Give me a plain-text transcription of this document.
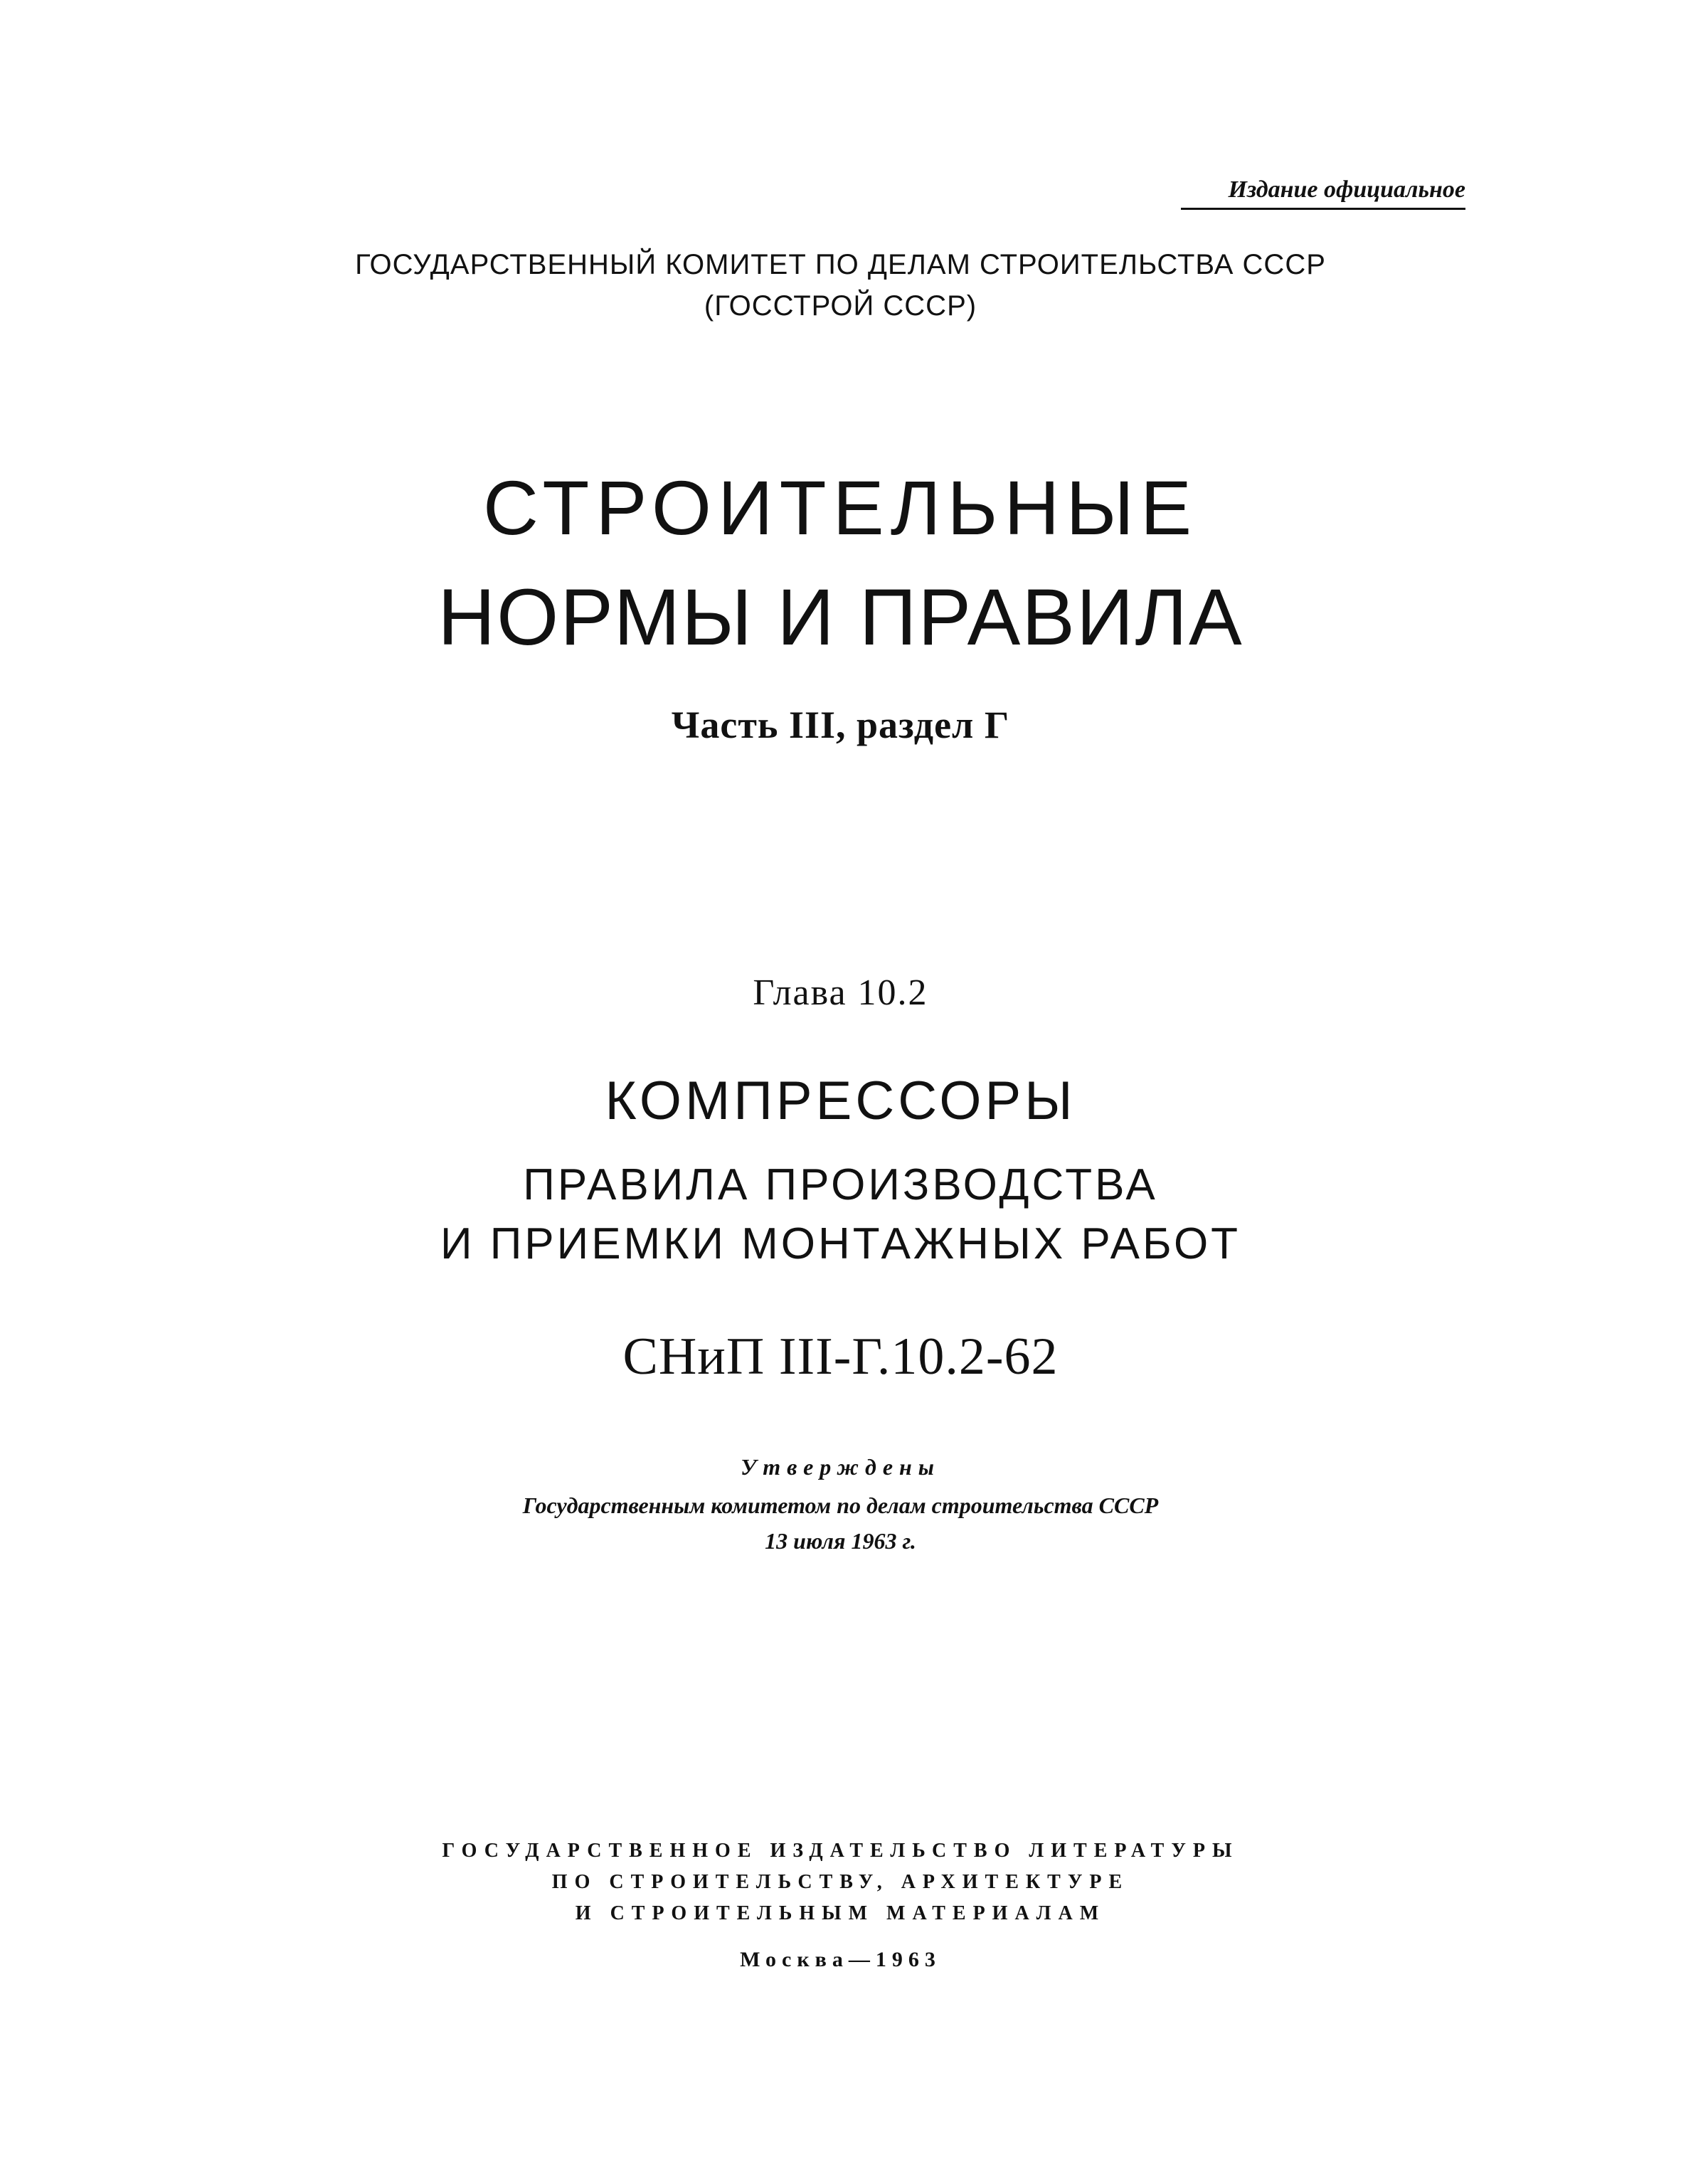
Издание официальное

ГОСУДАРСТВЕННЫЙ КОМИТЕТ ПО ДЕЛАМ СТРОИТЕЛЬСТВА СССР

(ГОССТРОЙ СССР)

СТРОИТЕЛЬНЫЕ

НОРМЫ И ПРАВИЛА

Часть III, раздел Г

Глава 10.2

КОМПРЕССОРЫ

ПРАВИЛА ПРОИЗВОДСТВА

И ПРИЕМКИ МОНТАЖНЫХ РАБОТ

СНиП III-Г.10.2-62

Утверждены

Государственным комитетом по делам строительства СССР

13 июля 1963 г.

ГОСУДАРСТВЕННОЕ ИЗДАТЕЛЬСТВО ЛИТЕРАТУРЫ

ПО СТРОИТЕЛЬСТВУ, АРХИТЕКТУРЕ

И СТРОИТЕЛЬНЫМ МАТЕРИАЛАМ

Москва—1963
